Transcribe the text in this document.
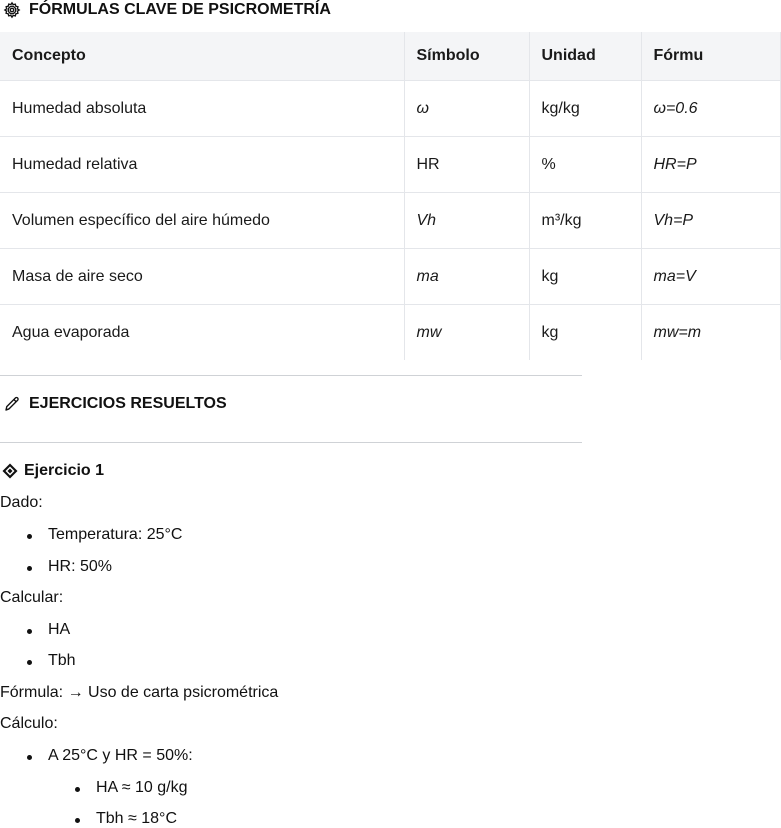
FÓRMULAS CLAVE DE PSICROMETRÍA
Concepto	Símbolo	Unidad	Fórmu
Humedad absoluta	ω	kg/kg	ω=0.6
Humedad relativa	HR	%	HR=P
Volumen específico del aire húmedo	Vh	m³/kg	Vh=P
Masa de aire seco	ma	kg	ma=V
Agua evaporada	mw	kg	mw=m
EJERCICIOS RESUELTOS
Ejercicio 1
Dado:
Temperatura: 25°C
HR: 50%
Calcular:
HA
Tbh
Fórmula: → Uso de carta psicrométrica
Cálculo:
A 25°C y HR = 50%:
HA ≈ 10 g/kg
Tbh ≈ 18°C
